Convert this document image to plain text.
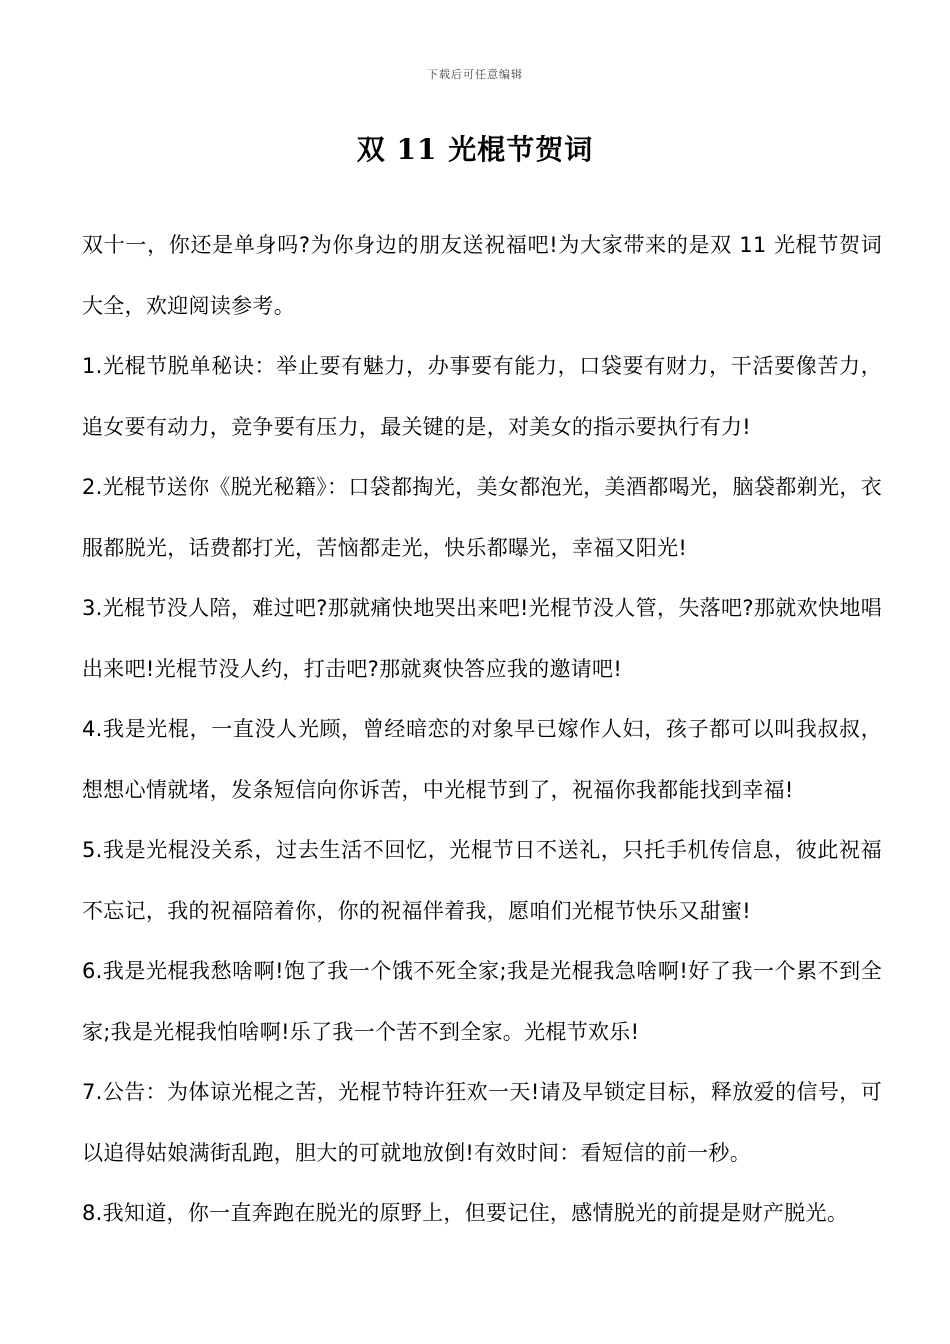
下载后可任意编辑
双 11 光棍节贺词

双十一，你还是单身吗?为你身边的朋友送祝福吧!为大家带来的是双 11 光棍节贺词大全，欢迎阅读参考。

1.光棍节脱单秘诀：举止要有魅力，办事要有能力，口袋要有财力，干活要像苦力，追女要有动力，竞争要有压力，最关键的是，对美女的指示要执行有力!

2.光棍节送你《脱光秘籍》：口袋都掏光，美女都泡光，美酒都喝光，脑袋都剃光，衣服都脱光，话费都打光，苦恼都走光，快乐都曝光，幸福又阳光!

3.光棍节没人陪，难过吧?那就痛快地哭出来吧!光棍节没人管，失落吧?那就欢快地唱出来吧!光棍节没人约，打击吧?那就爽快答应我的邀请吧!

4.我是光棍，一直没人光顾，曾经暗恋的对象早已嫁作人妇，孩子都可以叫我叔叔，想想心情就堵，发条短信向你诉苦，中光棍节到了，祝福你我都能找到幸福!

5.我是光棍没关系，过去生活不回忆，光棍节日不送礼，只托手机传信息，彼此祝福不忘记，我的祝福陪着你，你的祝福伴着我，愿咱们光棍节快乐又甜蜜!

6.我是光棍我愁啥啊!饱了我一个饿不死全家;我是光棍我急啥啊!好了我一个累不到全家;我是光棍我怕啥啊!乐了我一个苦不到全家。光棍节欢乐!

7.公告：为体谅光棍之苦，光棍节特许狂欢一天!请及早锁定目标，释放爱的信号，可以追得姑娘满街乱跑，胆大的可就地放倒!有效时间：看短信的前一秒。

8.我知道，你一直奔跑在脱光的原野上，但要记住，感情脱光的前提是财产脱光。
